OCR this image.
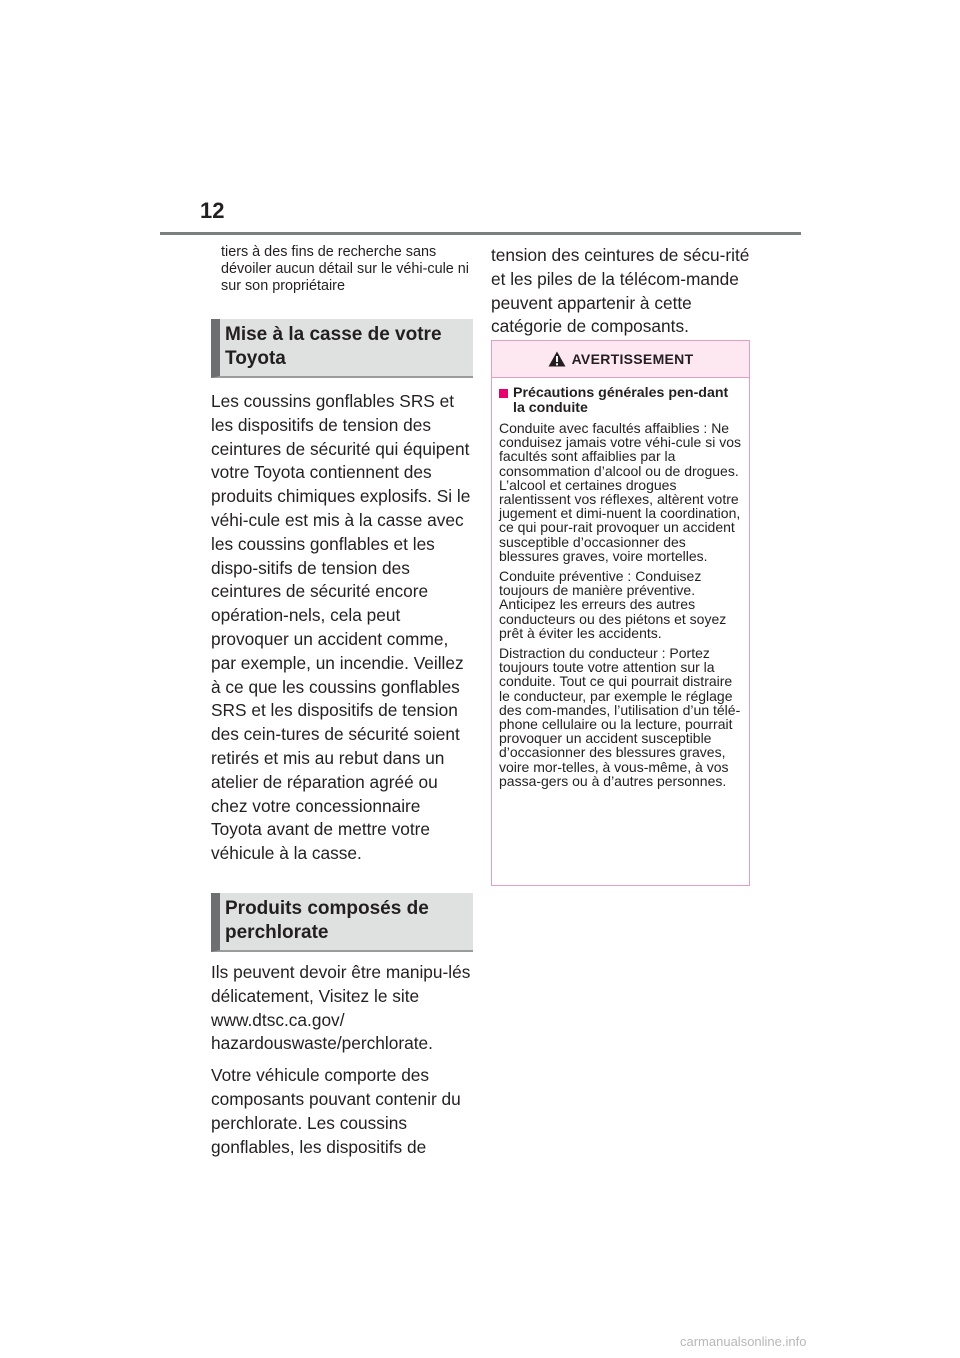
12

tiers à des fins de recherche sans dévoiler aucun détail sur le véhi-cule ni sur son propriétaire

Mise à la casse de votre Toyota

Les coussins gonflables SRS et les dispositifs de tension des ceintures de sécurité qui équipent votre Toyota contiennent des produits chimiques explosifs. Si le véhi-cule est mis à la casse avec les coussins gonflables et les dispo-sitifs de tension des ceintures de sécurité encore opération-nels, cela peut provoquer un accident comme, par exemple, un incendie. Veillez à ce que les coussins gonflables SRS et les dispositifs de tension des cein-tures de sécurité soient retirés et mis au rebut dans un atelier de réparation agréé ou chez votre concessionnaire Toyota avant de mettre votre véhicule à la casse.

Produits composés de perchlorate

Ils peuvent devoir être manipu-lés délicatement, Visitez le site www.dtsc.ca.gov/ hazardouswaste/perchlorate.

Votre véhicule comporte des composants pouvant contenir du perchlorate. Les coussins gonflables, les dispositifs de

tension des ceintures de sécu-rité et les piles de la télécom-mande peuvent appartenir à cette catégorie de composants.

AVERTISSEMENT
Précautions générales pen-dant la conduite

Conduite avec facultés affaiblies : Ne conduisez jamais votre véhi-cule si vos facultés sont affaiblies par la consommation d’alcool ou de drogues. L’alcool et certaines drogues ralentissent vos réflexes, altèrent votre jugement et dimi-nuent la coordination, ce qui pour-rait provoquer un accident susceptible d’occasionner des blessures graves, voire mortelles.

Conduite préventive : Conduisez toujours de manière préventive. Anticipez les erreurs des autres conducteurs ou des piétons et soyez prêt à éviter les accidents.

Distraction du conducteur : Portez toujours toute votre attention sur la conduite. Tout ce qui pourrait distraire le conducteur, par exemple le réglage des com-mandes, l’utilisation d’un télé-phone cellulaire ou la lecture, pourrait provoquer un accident susceptible d’occasionner des blessures graves, voire mor-telles, à vous-même, à vos passa-gers ou à d’autres personnes.

carmanualsonline.info
